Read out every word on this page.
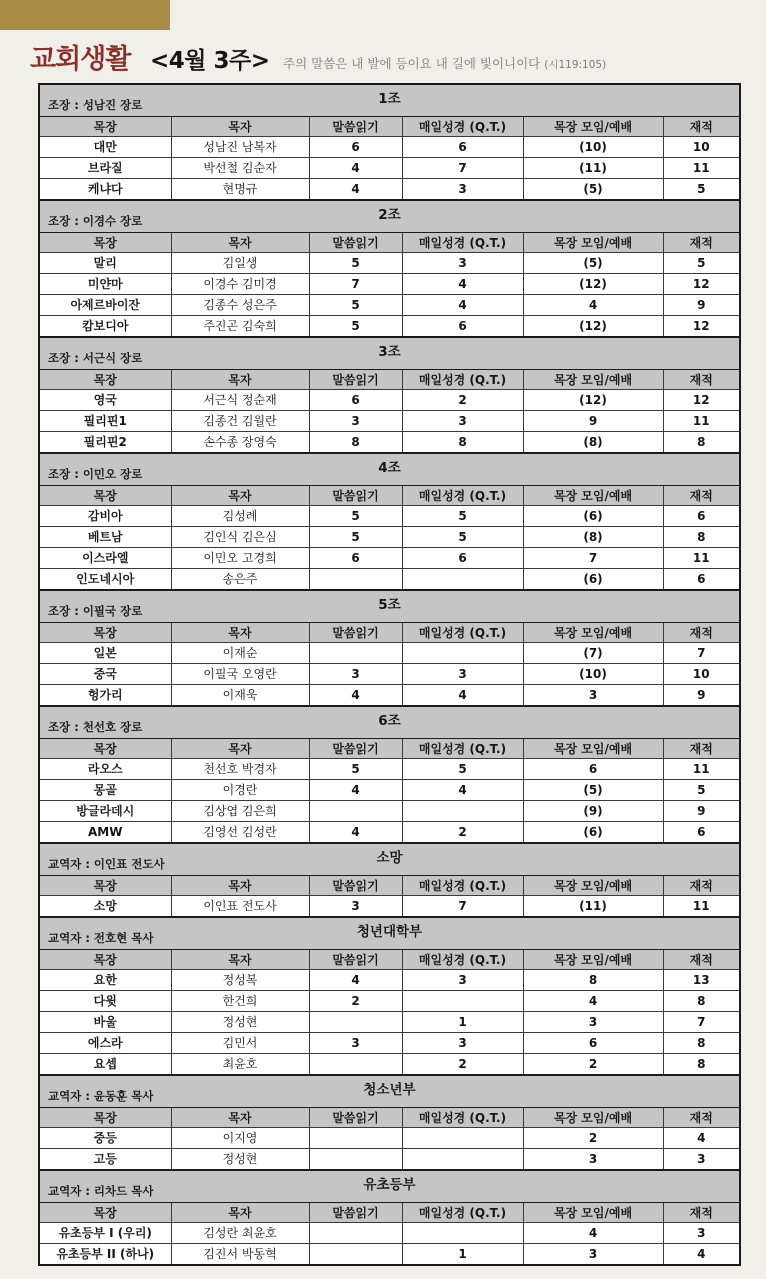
교회생활 <4월 3주> 주의 말씀은 내 발에 등이요 내 길에 빛이니이다 (시119:105)
조장 : 성남진 장로	1조
목장	목자	말씀읽기	매일성경 (Q.T.)	목장 모임/예배	재적
대만	성남진 남복자	6	6	(10)	10
브라질	박선철 김순자	4	7	(11)	11
케냐다	현명규	4	3	(5)	5
조장 : 이경수 장로	2조
목장	목자	말씀읽기	매일성경 (Q.T.)	목장 모임/예배	재적
말리	김일생	5	3	(5)	5
미얀마	이경수 김미경	7	4	(12)	12
아제르바이잔	김종수 성은주	5	4	4	9
캄보디아	주진곤 김숙희	5	6	(12)	12
조장 : 서근식 장로	3조
목장	목자	말씀읽기	매일성경 (Q.T.)	목장 모임/예배	재적
영국	서근식 정순재	6	2	(12)	12
필리핀1	김종건 김월란	3	3	9	11
필리핀2	손수종 장영숙	8	8	(8)	8
조장 : 이민오 장로	4조
목장	목자	말씀읽기	매일성경 (Q.T.)	목장 모임/예배	재적
감비아	김성례	5	5	(6)	6
베트남	김인식 김은심	5	5	(8)	8
이스라엘	이민오 고경희	6	6	7	11
인도네시아	송은주			(6)	6
조장 : 이필국 장로	5조
목장	목자	말씀읽기	매일성경 (Q.T.)	목장 모임/예배	재적
일본	이재순			(7)	7
중국	이필국 오영란	3	3	(10)	10
헝가리	이재욱	4	4	3	9
조장 : 천선호 장로	6조
목장	목자	말씀읽기	매일성경 (Q.T.)	목장 모임/예배	재적
라오스	천선호 박경자	5	5	6	11
몽골	이경란	4	4	(5)	5
방글라데시	김상엽 김은희			(9)	9
AMW	김영선 김성란	4	2	(6)	6
교역자 : 이인표 전도사	소망
목장	목자	말씀읽기	매일성경 (Q.T.)	목장 모임/예배	재적
소망	이인표 전도사	3	7	(11)	11
교역자 : 전호현 목사	청년대학부
목장	목자	말씀읽기	매일성경 (Q.T.)	목장 모임/예배	재적
요한	정성복	4	3	8	13
다윗	한건희	2		4	8
바울	정성현		1	3	7
에스라	김민서	3	3	6	8
요셉	최윤호		2	2	8
교역자 : 윤동훈 목사	청소년부
목장	목자	말씀읽기	매일성경 (Q.T.)	목장 모임/예배	재적
중등	이지영			2	4
고등	정성현			3	3
교역자 : 리차드 목사	유초등부
목장	목자	말씀읽기	매일성경 (Q.T.)	목장 모임/예배	재적
유초등부 I (우리)	김성란 최윤호			4	3
유초등부 II (하나)	김진서 박동혁		1	3	4
